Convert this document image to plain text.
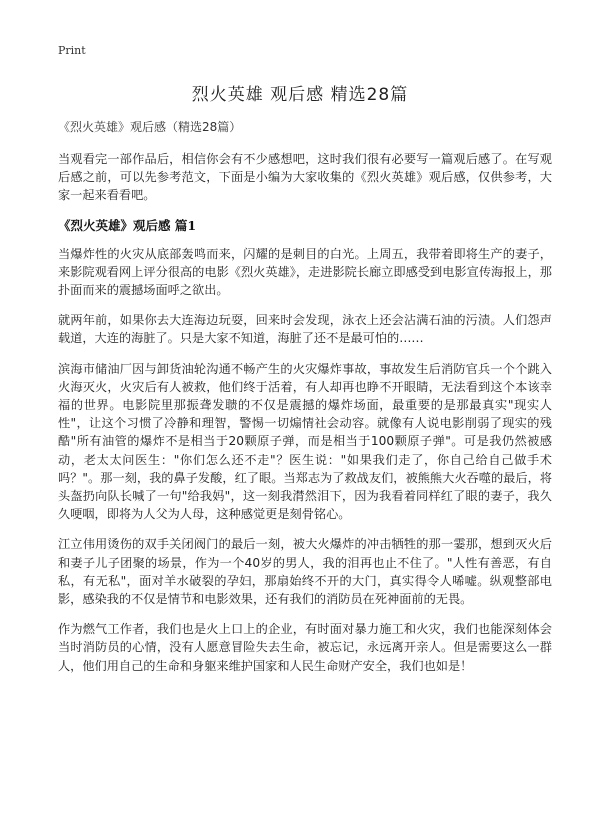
Print
烈火英雄 观后感 精选28篇

《烈火英雄》观后感（精选28篇）

当观看完一部作品后，相信你会有不少感想吧，这时我们很有必要写一篇观后感了。在写观后感之前，可以先参考范文，下面是小编为大家收集的《烈火英雄》观后感，仅供参考，大家一起来看看吧。

《烈火英雄》观后感 篇1

当爆炸性的火灾从底部轰鸣而来，闪耀的是刺目的白光。上周五，我带着即将生产的妻子，来影院观看网上评分很高的电影《烈火英雄》，走进影院长廊立即感受到电影宣传海报上，那扑面而来的震撼场面呼之欲出。

就两年前，如果你去大连海边玩耍，回来时会发现，泳衣上还会沾满石油的污渍。人们怨声载道，大连的海脏了。只是大家不知道，海脏了还不是最可怕的……

滨海市储油厂因与卸货油轮沟通不畅产生的火灾爆炸事故，事故发生后消防官兵一个个跳入火海灭火，火灾后有人被救，他们终于活着，有人却再也睁不开眼睛，无法看到这个本该幸福的世界。电影院里那振聋发聩的不仅是震撼的爆炸场面，最重要的是那最真实"现实人性"，让这个习惯了冷静和理智，警惕一切煽情社会动容。就像有人说电影削弱了现实的残酷"所有油管的爆炸不是相当于20颗原子弹，而是相当于100颗原子弹"。可是我仍然被感动，老太太问医生："你们怎么还不走"？医生说："如果我们走了，你自己给自己做手术吗？"。那一刻，我的鼻子发酸，红了眼。当郑志为了救战友们，被熊熊大火吞噬的最后，将头盔扔向队长喊了一句"给我妈"，这一刻我潸然泪下，因为我看着同样红了眼的妻子，我久久哽咽，即将为人父为人母，这种感觉更是刻骨铭心。

江立伟用烫伤的双手关闭阀门的最后一刻，被大火爆炸的冲击牺牲的那一霎那，想到灭火后和妻子儿子团聚的场景，作为一个40岁的男人，我的泪再也止不住了。"人性有善恶，有自私，有无私"，面对羊水破裂的孕妇，那扇始终不开的大门，真实得令人唏嘘。纵观整部电影，感染我的不仅是情节和电影效果，还有我们的消防员在死神面前的无畏。

作为燃气工作者，我们也是火上口上的企业，有时面对暴力施工和火灾，我们也能深刻体会当时消防员的心情，没有人愿意冒险失去生命，被忘记，永远离开亲人。但是需要这么一群人，他们用自己的生命和身躯来维护国家和人民生命财产安全，我们也如是！
